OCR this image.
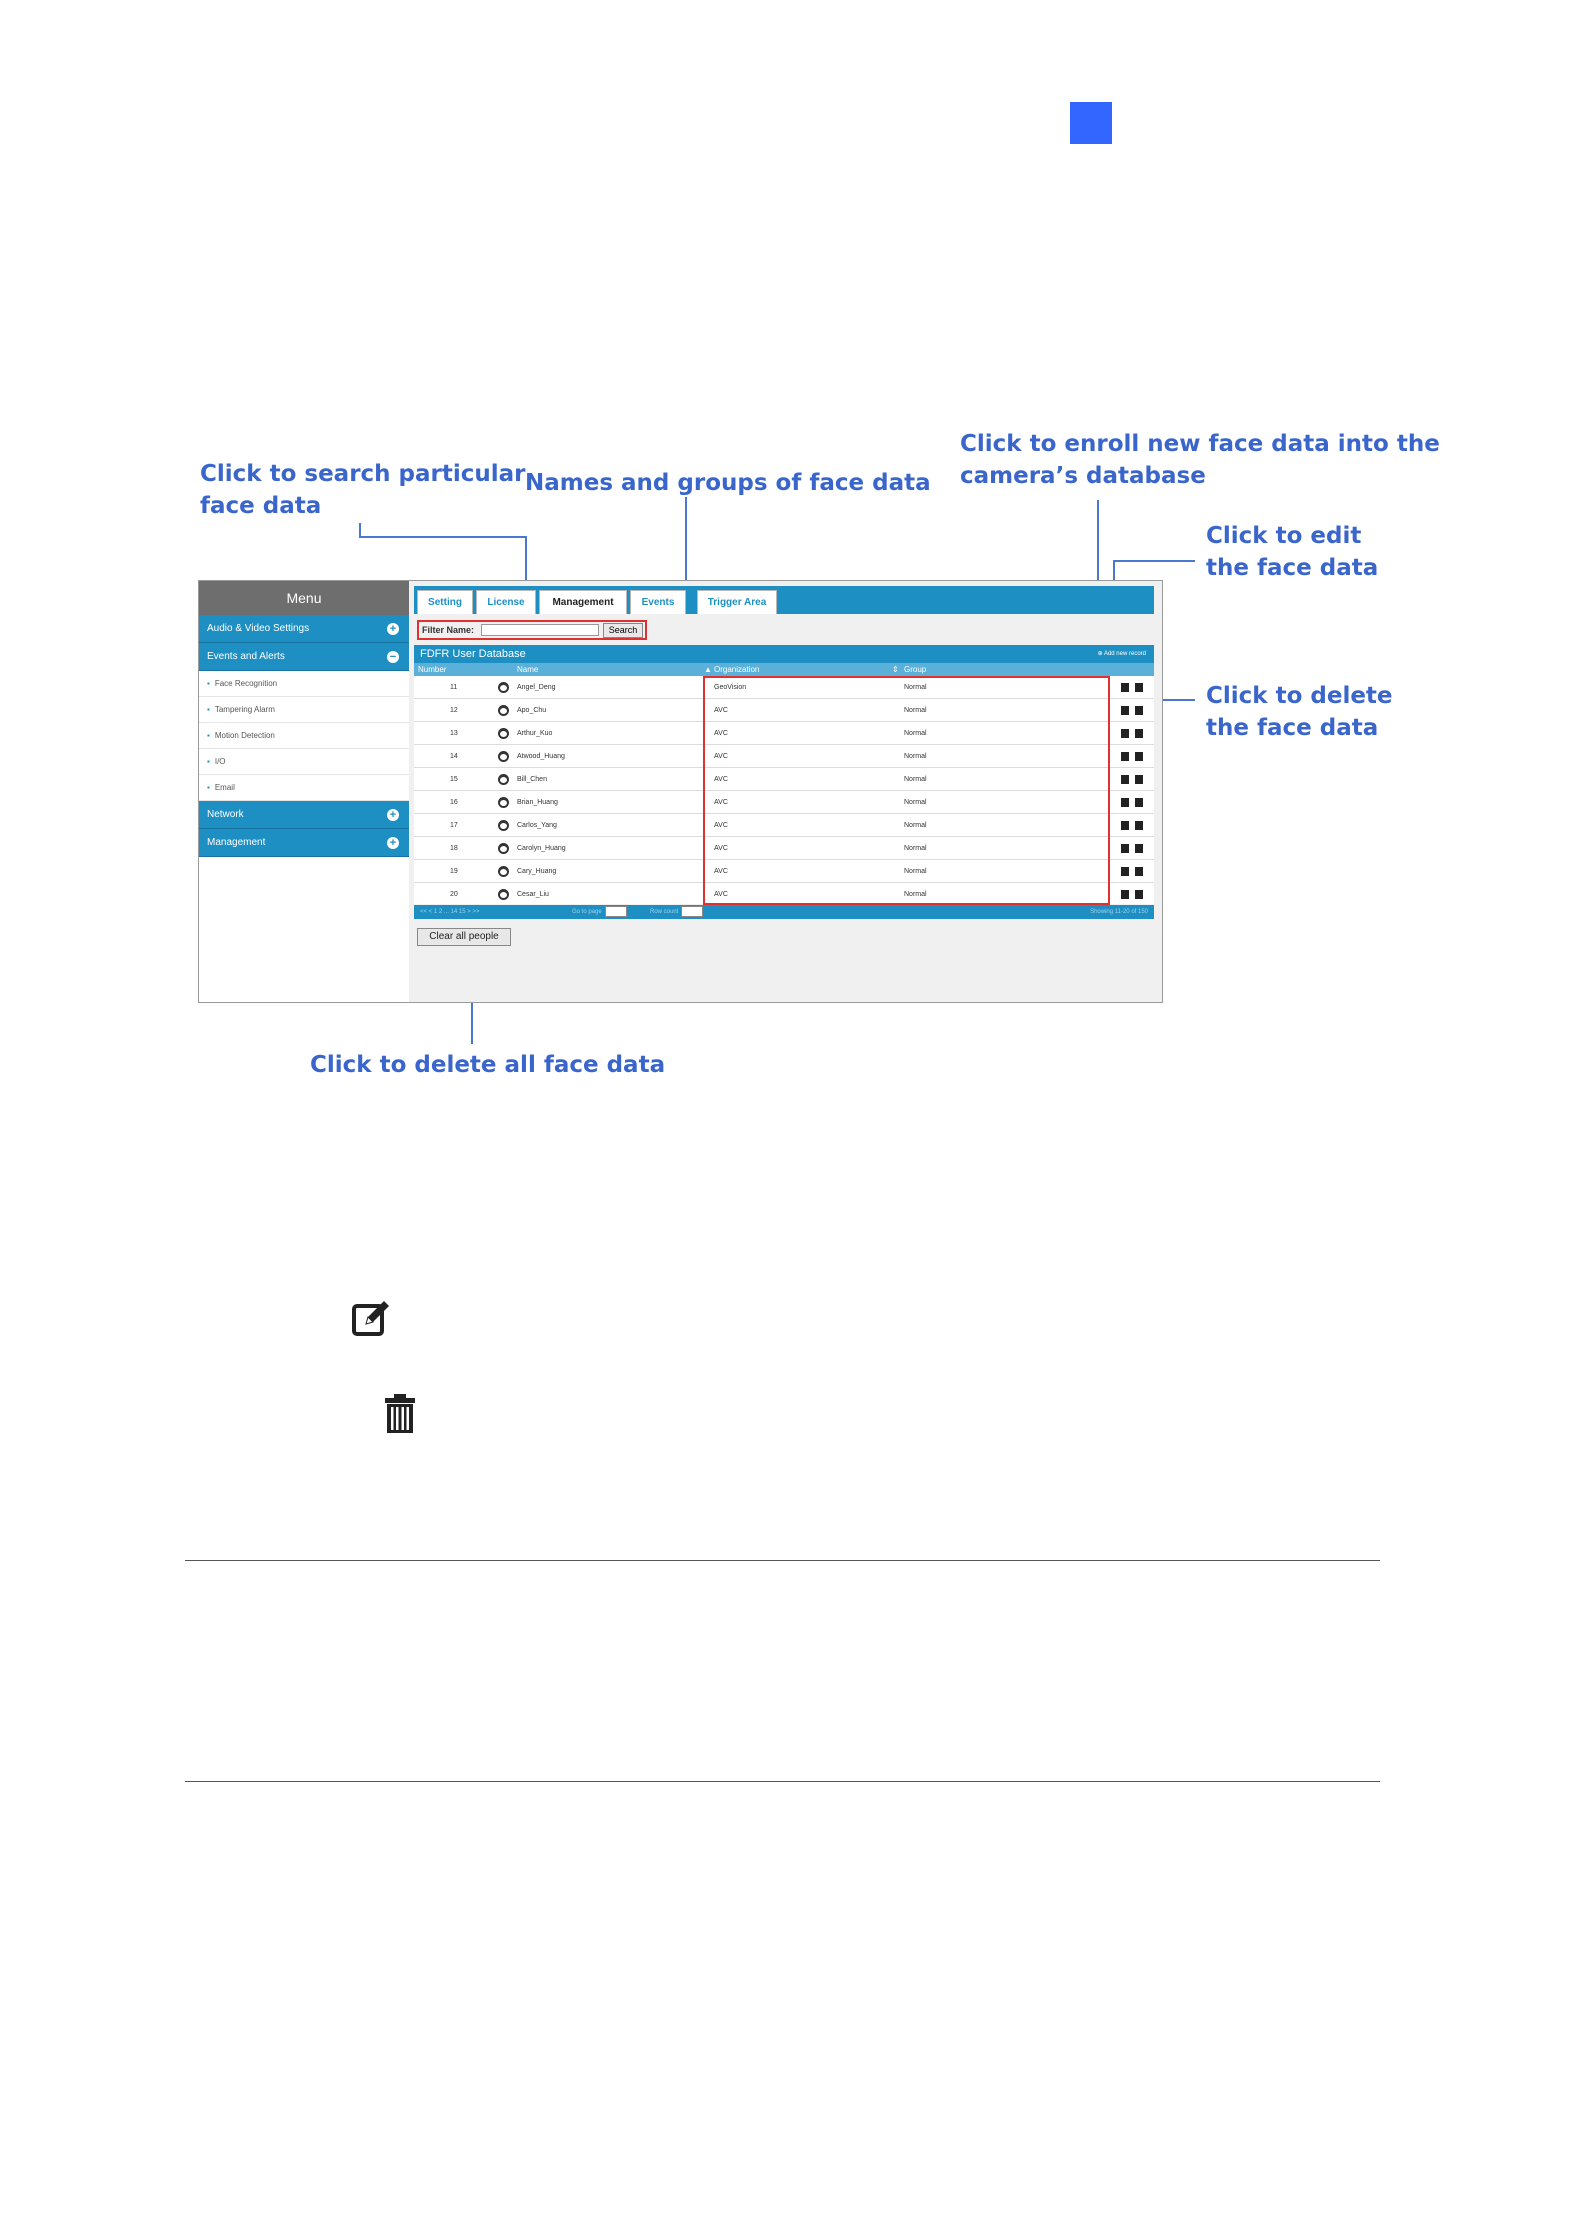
Click to search particular
face data
Names and groups of face data
Click to enroll new face data into the
camera’s database
Click to edit
the face data
Click to delete
the face data
Click to delete all face data
Menu
Audio & Video Settings	+
Events and Alerts	−
▪ Face Recognition
▪ Tampering Alarm
▪ Motion Detection
▪ I/O
▪ Email
Network	+
Management	+
Setting	License	Management	Events	Trigger Area
Filter Name:	Search
FDFR User Database	⊕ Add new record
Number	Name	▲ Organization	⇕ Group
11	Angel_Deng	GeoVision	Normal
12	Apo_Chu	AVC	Normal
13	Arthur_Kuo	AVC	Normal
14	Atwood_Huang	AVC	Normal
15	Bill_Chen	AVC	Normal
16	Brian_Huang	AVC	Normal
17	Carlos_Yang	AVC	Normal
18	Carolyn_Huang	AVC	Normal
19	Cary_Huang	AVC	Normal
20	Cesar_Liu	AVC	Normal
<< < 1 2 ... 14 15 > >>	Go to page	Row count	Showing 11-20 of 150
Clear all people
